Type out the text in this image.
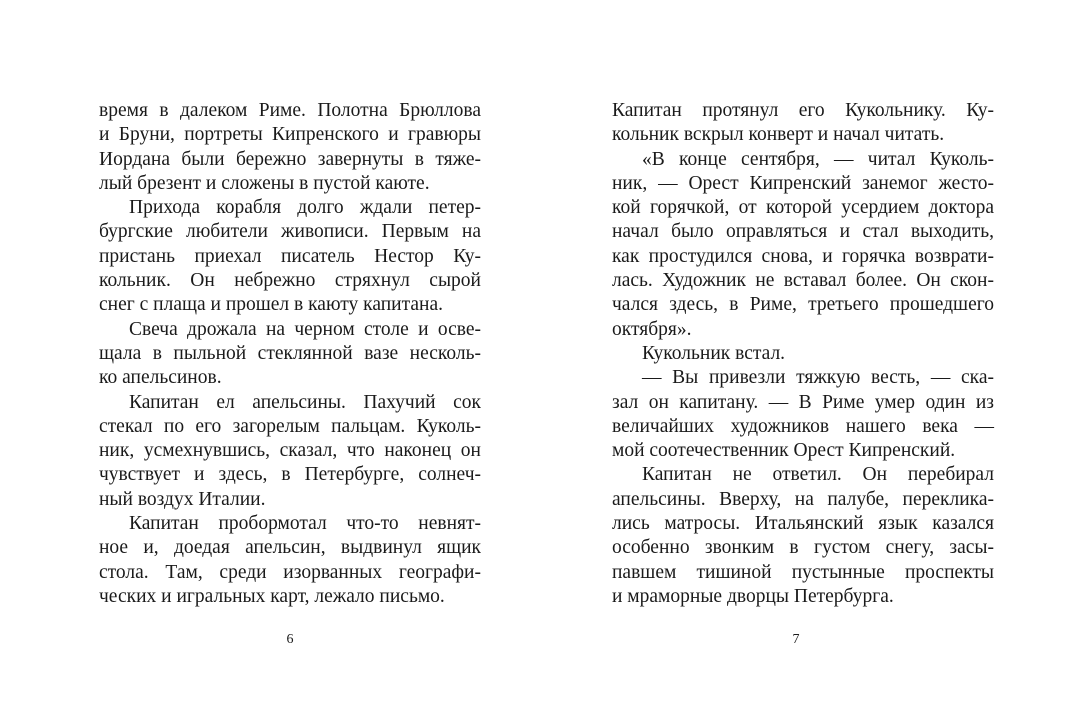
время в далеком Риме. Полотна Брюллова
и Бруни, портреты Кипренского и гравюры
Иордана были бережно завернуты в тяже-
лый брезент и сложены в пустой каюте.
Прихода корабля долго ждали петер-
бургские любители живописи. Первым на
пристань приехал писатель Нестор Ку-
кольник. Он небрежно стряхнул сырой
снег с плаща и прошел в каюту капитана.
Свеча дрожала на черном столе и осве-
щала в пыльной стеклянной вазе несколь-
ко апельсинов.
Капитан ел апельсины. Пахучий сок
стекал по его загорелым пальцам. Куколь-
ник, усмехнувшись, сказал, что наконец он
чувствует и здесь, в Петербурге, солнеч-
ный воздух Италии.
Капитан пробормотал что-то невнят-
ное и, доедая апельсин, выдвинул ящик
стола. Там, среди изорванных географи-
ческих и игральных карт, лежало письмо.
Капитан протянул его Кукольнику. Ку-
кольник вскрыл конверт и начал читать.
«В конце сентября, — читал Куколь-
ник, — Орест Кипренский занемог жесто-
кой горячкой, от которой усердием доктора
начал было оправляться и стал выходить,
как простудился снова, и горячка возврати-
лась. Художник не вставал более. Он скон-
чался здесь, в Риме, третьего прошедшего
октября».
Кукольник встал.
— Вы привезли тяжкую весть, — ска-
зал он капитану. — В Риме умер один из
величайших художников нашего века —
мой соотечественник Орест Кипренский.
Капитан не ответил. Он перебирал
апельсины. Вверху, на палубе, переклика-
лись матросы. Итальянский язык казался
особенно звонким в густом снегу, засы-
павшем тишиной пустынные проспекты
и мраморные дворцы Петербурга.
6	7
